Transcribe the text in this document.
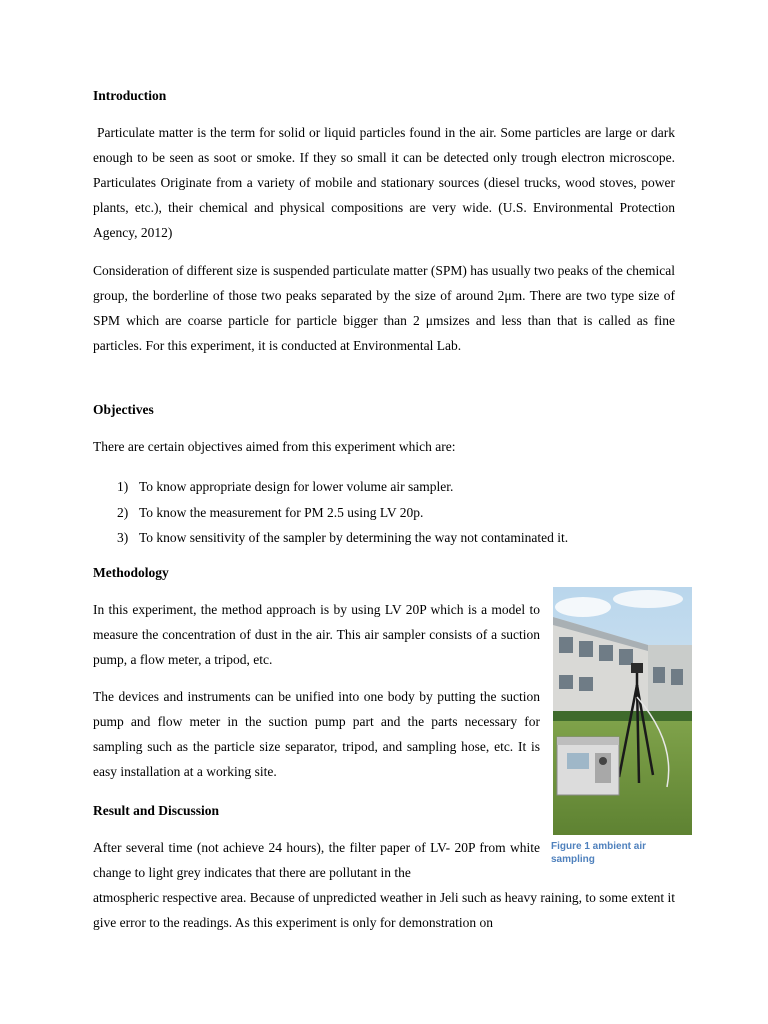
Introduction

Particulate matter is the term for solid or liquid particles found in the air. Some particles are large or dark enough to be seen as soot or smoke. If they so small it can be detected only trough electron microscope. Particulates Originate from a variety of mobile and stationary sources (diesel trucks, wood stoves, power plants, etc.), their chemical and physical compositions are very wide. (U.S. Environmental Protection Agency, 2012)

Consideration of different size is suspended particulate matter (SPM) has usually two peaks of the chemical group, the borderline of those two peaks separated by the size of around 2μm. There are two type size of SPM which are coarse particle for particle bigger than 2 μmsizes and less than that is called as fine particles. For this experiment, it is conducted at Environmental Lab.

Objectives

There are certain objectives aimed from this experiment which are:

1) To know appropriate design for lower volume air sampler.
2) To know the measurement for PM 2.5 using LV 20p.
3) To know sensitivity of the sampler by determining the way not contaminated it.
Methodology

In this experiment, the method approach is by using LV 20P which is a model to measure the concentration of dust in the air. This air sampler consists of a suction pump, a flow meter, a tripod, etc.

The devices and instruments can be unified into one body by putting the suction pump and flow meter in the suction pump part and the parts necessary for sampling such as the particle size separator, tripod, and sampling hose, etc. It is easy installation at a working site.

Result and Discussion

After several time (not achieve 24 hours), the filter paper of LV- 20P from white change to light grey indicates that there are pollutant in the

atmospheric respective area. Because of unpredicted weather in Jeli such as heavy raining, to some extent it give error to the readings. As this experiment is only for demonstration on

Figure 1 ambient air sampling
